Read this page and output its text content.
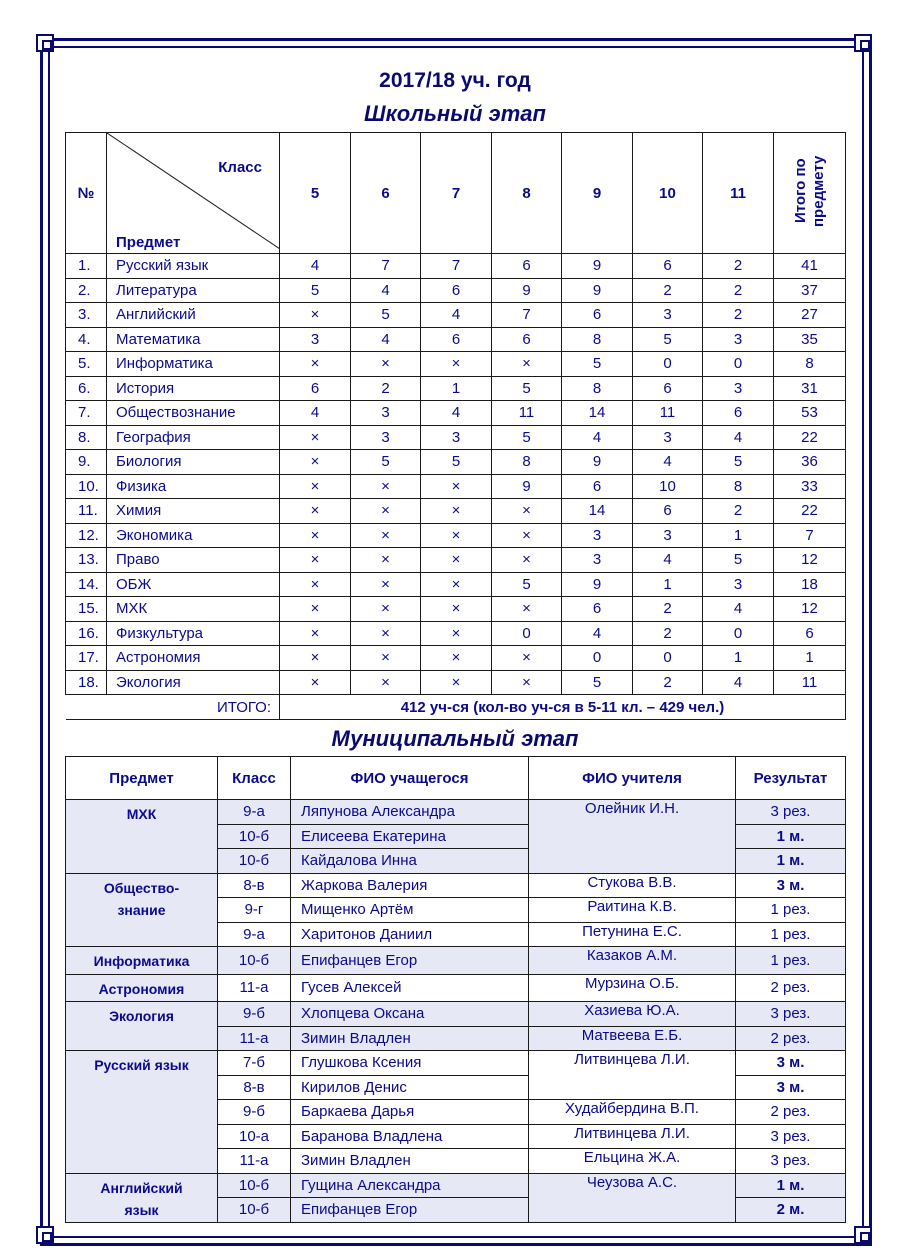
2017/18 уч. год
Школьный этап
№	Класс
Предмет	5	6	7	8	9	10	11	Итого по предмету
1.	Русский язык	4	7	7	6	9	6	2	41
2.	Литература	5	4	6	9	9	2	2	37
3.	Английский	×	5	4	7	6	3	2	27
4.	Математика	3	4	6	6	8	5	3	35
5.	Информатика	×	×	×	×	5	0	0	8
6.	История	6	2	1	5	8	6	3	31
7.	Обществознание	4	3	4	11	14	11	6	53
8.	География	×	3	3	5	4	3	4	22
9.	Биология	×	5	5	8	9	4	5	36
10.	Физика	×	×	×	9	6	10	8	33
11.	Химия	×	×	×	×	14	6	2	22
12.	Экономика	×	×	×	×	3	3	1	7
13.	Право	×	×	×	×	3	4	5	12
14.	ОБЖ	×	×	×	5	9	1	3	18
15.	МХК	×	×	×	×	6	2	4	12
16.	Физкультура	×	×	×	0	4	2	0	6
17.	Астрономия	×	×	×	×	0	0	1	1
18.	Экология	×	×	×	×	5	2	4	11
ИТОГО:		412 уч-ся (кол-во уч-ся в 5-11 кл. – 429 чел.)							
Муниципальный этап
Предмет	Класс	ФИО учащегося	ФИО учителя	Результат

МХК	9-а	Ляпунова Александра	Олейник И.Н.	3 рез.
	10-б	Елисеева Екатерина		1 м.
	10-б	Кайдалова Инна		1 м.

Общество-
знание	8-в	Жаркова Валерия	Стукова В.В.	3 м.
	9-г	Мищенко Артём	Раитина К.В.	1 рез.
	9-а	Харитонов Даниил	Петунина Е.С.	1 рез.

Информатика	10-б	Епифанцев Егор	Казаков А.М.	1 рез.

Астрономия	11-а	Гусев Алексей	Мурзина О.Б.	2 рез.

Экология	9-б	Хлопцева Оксана	Хазиева Ю.А.	3 рез.
	11-а	Зимин Владлен	Матвеева Е.Б.	2 рез.

Русский язык	7-б	Глушкова Ксения	Литвинцева Л.И.	3 м.
	8-в	Кирилов Денис		3 м.
	9-б	Баркаева Дарья	Худайбердина В.П.	2 рез.
	10-а	Баранова Владлена	Литвинцева Л.И.	3 рез.
	11-а	Зимин Владлен	Ельцина Ж.А.	3 рез.

Английский
язык	10-б	Гущина Александра	Чеузова А.С.	1 м.
	10-б	Епифанцев Егор		2 м.
